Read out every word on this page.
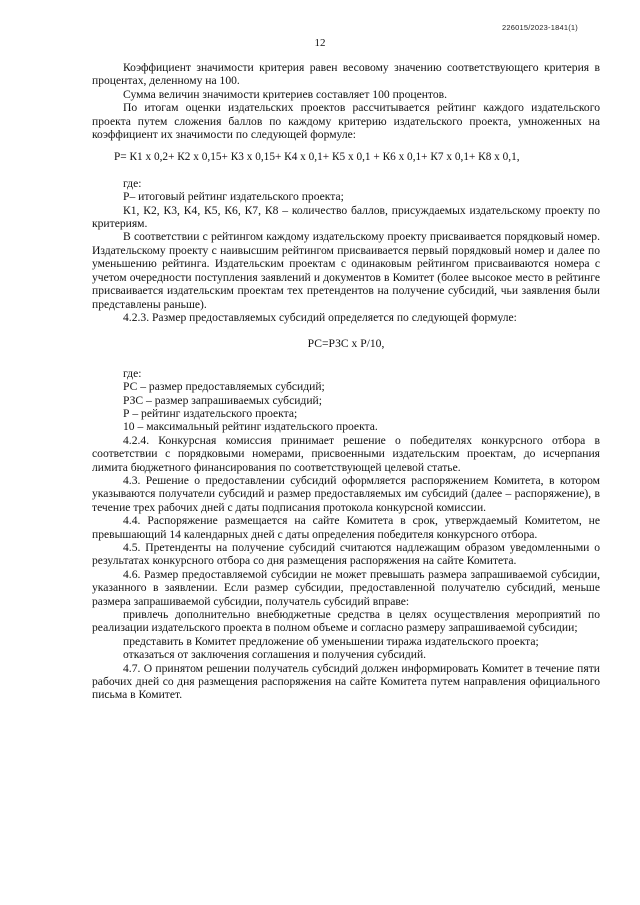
226015/2023-1841(1)
12

Коэффициент значимости критерия равен весовому значению соответствующего критерия в процентах, деленному на 100.

Сумма величин значимости критериев составляет 100 процентов.

По итогам оценки издательских проектов рассчитывается рейтинг каждого издательского проекта путем сложения баллов по каждому критерию издательского проекта, умноженных на коэффициент их значимости по следующей формуле:

Р= К1 х 0,2+ К2 х 0,15+ К3 х 0,15+ К4 х 0,1+ К5 х 0,1 + К6 х 0,1+ К7 х 0,1+ К8 х 0,1,

где:

Р– итоговый рейтинг издательского проекта;

К1, К2, К3, К4, К5, К6, К7, К8 – количество баллов, присуждаемых издательскому проекту по критериям.

В соответствии с рейтингом каждому издательскому проекту присваивается порядковый номер. Издательскому проекту с наивысшим рейтингом присваивается первый порядковый номер и далее по уменьшению рейтинга. Издательским проектам с одинаковым рейтингом присваиваются номера с учетом очередности поступления заявлений и документов в Комитет (более высокое место в рейтинге присваивается издательским проектам тех претендентов на получение субсидий, чьи заявления были представлены раньше).

4.2.3. Размер предоставляемых субсидий определяется по следующей формуле:

РС=РЗС х Р/10,

где:

РС – размер предоставляемых субсидий;

РЗС – размер запрашиваемых субсидий;

Р – рейтинг издательского проекта;

10 – максимальный рейтинг издательского проекта.

4.2.4. Конкурсная комиссия принимает решение о победителях конкурсного отбора в соответствии с порядковыми номерами, присвоенными издательским проектам, до исчерпания лимита бюджетного финансирования по соответствующей целевой статье.

4.3. Решение о предоставлении субсидий оформляется распоряжением Комитета, в котором указываются получатели субсидий и размер предоставляемых им субсидий (далее – распоряжение), в течение трех рабочих дней с даты подписания протокола конкурсной комиссии.

4.4. Распоряжение размещается на сайте Комитета в срок, утверждаемый Комитетом, не превышающий 14 календарных дней с даты определения победителя конкурсного отбора.

4.5. Претенденты на получение субсидий считаются надлежащим образом уведомленными о результатах конкурсного отбора со дня размещения распоряжения на сайте Комитета.

4.6. Размер предоставляемой субсидии не может превышать размера запрашиваемой субсидии, указанного в заявлении. Если размер субсидии, предоставленной получателю субсидий, меньше размера запрашиваемой субсидии, получатель субсидий вправе:

привлечь дополнительно внебюджетные средства в целях осуществления мероприятий по реализации издательского проекта в полном объеме и согласно размеру запрашиваемой субсидии;

представить в Комитет предложение об уменьшении тиража издательского проекта;

отказаться от заключения соглашения и получения субсидий.

4.7. О принятом решении получатель субсидий должен информировать Комитет в течение пяти рабочих дней со дня размещения распоряжения на сайте Комитета путем направления официального письма в Комитет.
